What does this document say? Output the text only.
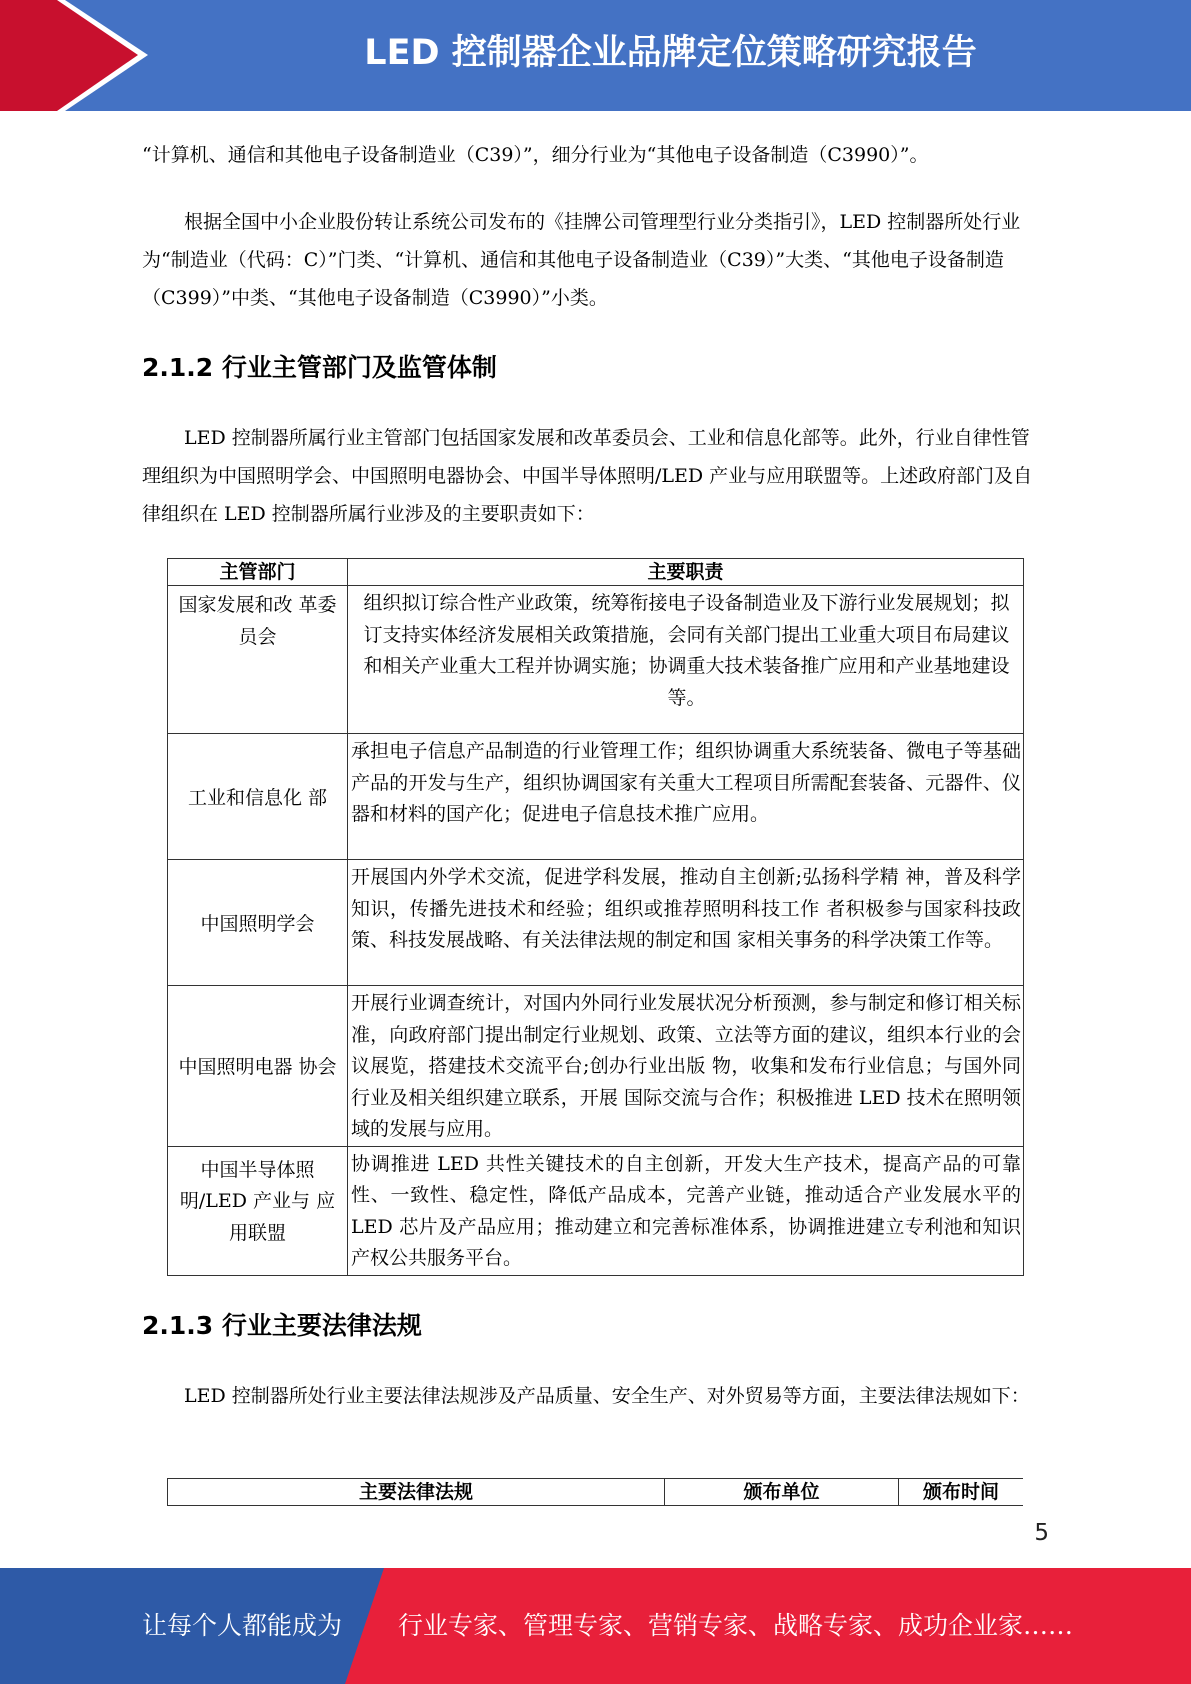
LED 控制器企业品牌定位策略研究报告

“计算机、通信和其他电子设备制造业（C39）”，细分行业为“其他电子设备制造（C3990）”。

根据全国中小企业股份转让系统公司发布的《挂牌公司管理型行业分类指引》，LED 控制器所处行业为“制造业（代码：C）”门类、“计算机、通信和其他电子设备制造业（C39）”大类、“其他电子设备制造（C399）”中类、“其他电子设备制造（C3990）”小类。

2.1.2 行业主管部门及监管体制

LED 控制器所属行业主管部门包括国家发展和改革委员会、工业和信息化部等。此外，行业自律性管理组织为中国照明学会、中国照明电器协会、中国半导体照明/LED 产业与应用联盟等。上述政府部门及自律组织在 LED 控制器所属行业涉及的主要职责如下：

主管部门	主要职责
国家发展和改 革委员会	组织拟订综合性产业政策，统筹衔接电子设备制造业及下游行业发展规划；拟订支持实体经济发展相关政策措施，会同有关部门提出工业重大项目布局建议和相关产业重大工程并协调实施；协调重大技术装备推广应用和产业基地建设等。
工业和信息化 部	承担电子信息产品制造的行业管理工作；组织协调重大系统装备、微电子等基础产品的开发与生产，组织协调国家有关重大工程项目所需配套装备、元器件、仪器和材料的国产化；促进电子信息技术推广应用。
中国照明学会	开展国内外学术交流，促进学科发展，推动自主创新;弘扬科学精 神，普及科学知识，传播先进技术和经验；组织或推荐照明科技工作 者积极参与国家科技政策、科技发展战略、有关法律法规的制定和国 家相关事务的科学决策工作等。
中国照明电器 协会	开展行业调查统计，对国内外同行业发展状况分析预测，参与制定和修订相关标准，向政府部门提出制定行业规划、政策、立法等方面的建议，组织本行业的会议展览，搭建技术交流平台;创办行业出版 物，收集和发布行业信息；与国外同行业及相关组织建立联系，开展 国际交流与合作；积极推进 LED 技术在照明领域的发展与应用。
中国半导体照 明/LED 产业与 应用联盟	协调推进 LED 共性关键技术的自主创新，开发大生产技术，提高产品的可靠性、一致性、稳定性，降低产品成本，完善产业链，推动适合产业发展水平的 LED 芯片及产品应用；推动建立和完善标准体系，协调推进建立专利池和知识产权公共服务平台。
2.1.3 行业主要法律法规

LED 控制器所处行业主要法律法规涉及产品质量、安全生产、对外贸易等方面，主要法律法规如下：

主要法律法规	颁布单位	颁布时间
5
让每个人都能成为 行业专家、管理专家、营销专家、战略专家、成功企业家……
